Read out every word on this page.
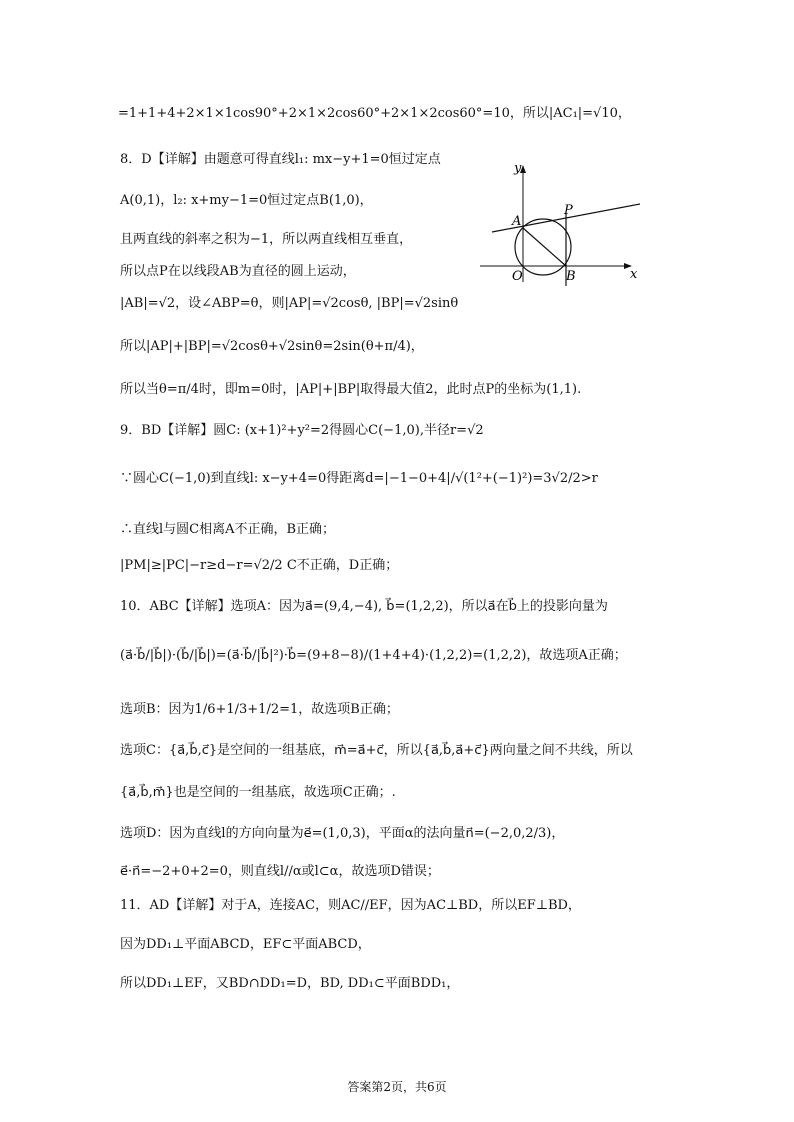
=1+1+4+2×1×1cos90°+2×1×2cos60°+2×1×2cos60°=10，所以|AC₁|=√10，
8．D【详解】由题意可得直线l₁: mx−y+1=0恒过定点
A(0,1)，l₂: x+my−1=0恒过定点B(1,0)，
且两直线的斜率之积为−1，所以两直线相互垂直，
所以点P在以线段AB为直径的圆上运动，
|AB|=√2，设∠ABP=θ，则|AP|=√2cosθ, |BP|=√2sinθ
所以|AP|+|BP|=√2cosθ+√2sinθ=2sin(θ+π/4)，
所以当θ=π/4时，即m=0时，|AP|+|BP|取得最大值2，此时点P的坐标为(1,1).
9．BD【详解】圆C: (x+1)²+y²=2得圆心C(−1,0),半径r=√2
∵圆心C(−1,0)到直线l: x−y+4=0得距离d=|−1−0+4|/√(1²+(−1)²)=3√2/2>r
∴直线l与圆C相离A不正确，B正确；
|PM|≥|PC|−r≥d−r=√2/2 C不正确，D正确；
10．ABC【详解】选项A：因为a⃗=(9,4,−4), b⃗=(1,2,2)，所以a⃗在b⃗上的投影向量为
(a⃗·b⃗/|b⃗|)·(b⃗/|b⃗|)=(a⃗·b⃗/|b⃗|²)·b⃗=(9+8−8)/(1+4+4)·(1,2,2)=(1,2,2)，故选项A正确；
选项B：因为1/6+1/3+1/2=1，故选项B正确；
选项C：{a⃗,b⃗,c⃗}是空间的一组基底，m⃗=a⃗+c⃗，所以{a⃗,b⃗,a⃗+c⃗}两向量之间不共线，所以
{a⃗,b⃗,m⃗}也是空间的一组基底，故选项C正确；.
选项D：因为直线l的方向向量为e⃗=(1,0,3)，平面α的法向量n⃗=(−2,0,2/3)，
e⃗·n⃗=−2+0+2=0，则直线l//α或l⊂α，故选项D错误；
11．AD【详解】对于A，连接AC，则AC//EF，因为AC⊥BD，所以EF⊥BD，
因为DD₁⊥平面ABCD，EF⊂平面ABCD，
所以DD₁⊥EF，又BD∩DD₁=D，BD, DD₁⊂平面BDD₁，
y
A
P
O	B	x
答案第2页，共6页
